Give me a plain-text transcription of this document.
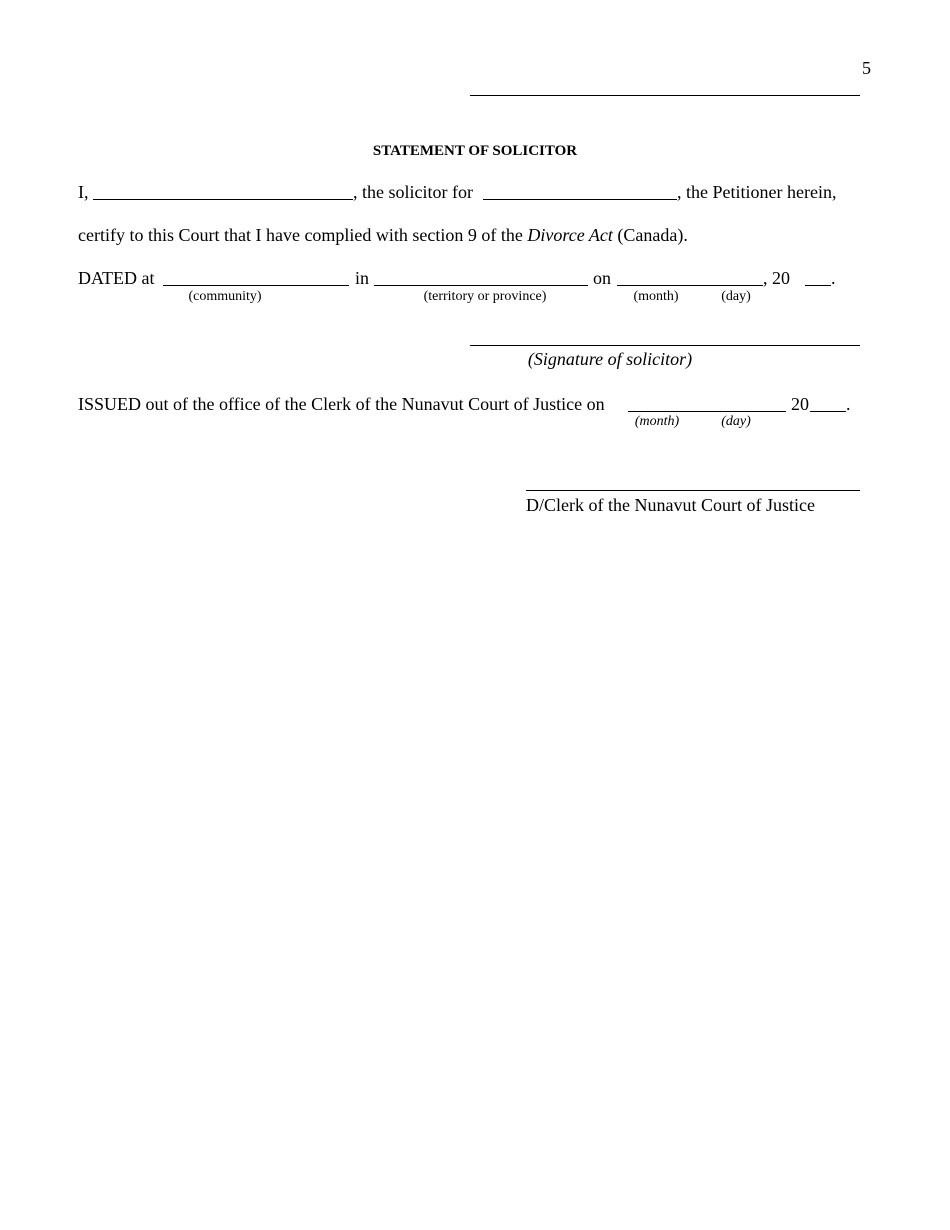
5
STATEMENT OF SOLICITOR
I,	, the solicitor for	, the Petitioner herein,
certify to this Court that I have complied with section 9 of the Divorce Act (Canada).
DATED at	in	on	, 20 .
(community)	(territory or province)	(month)	(day)
(Signature of solicitor)
ISSUED out of the office of the Clerk of the Nunavut Court of Justice on	20 .
(month)	(day)
D/Clerk of the Nunavut Court of Justice
